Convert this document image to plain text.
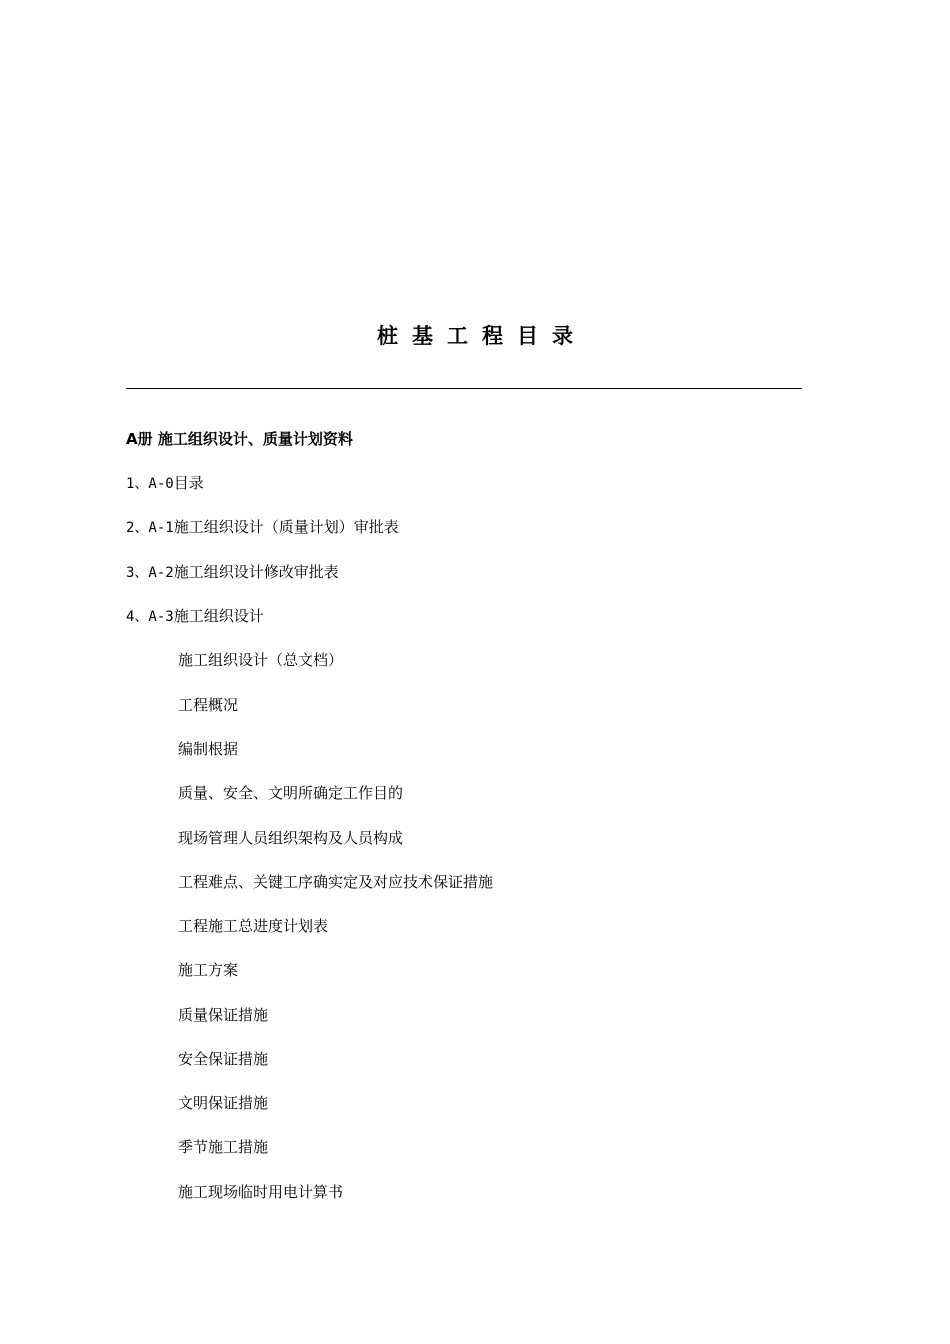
桩基工程目录
A册 施工组织设计、质量计划资料
1、A-0目录
2、A-1施工组织设计（质量计划）审批表
3、A-2施工组织设计修改审批表
4、A-3施工组织设计
施工组织设计（总文档）
工程概况
编制根据
质量、安全、文明所确定工作目的
现场管理人员组织架构及人员构成
工程难点、关键工序确实定及对应技术保证措施
工程施工总进度计划表
施工方案
质量保证措施
安全保证措施
文明保证措施
季节施工措施
施工现场临时用电计算书
